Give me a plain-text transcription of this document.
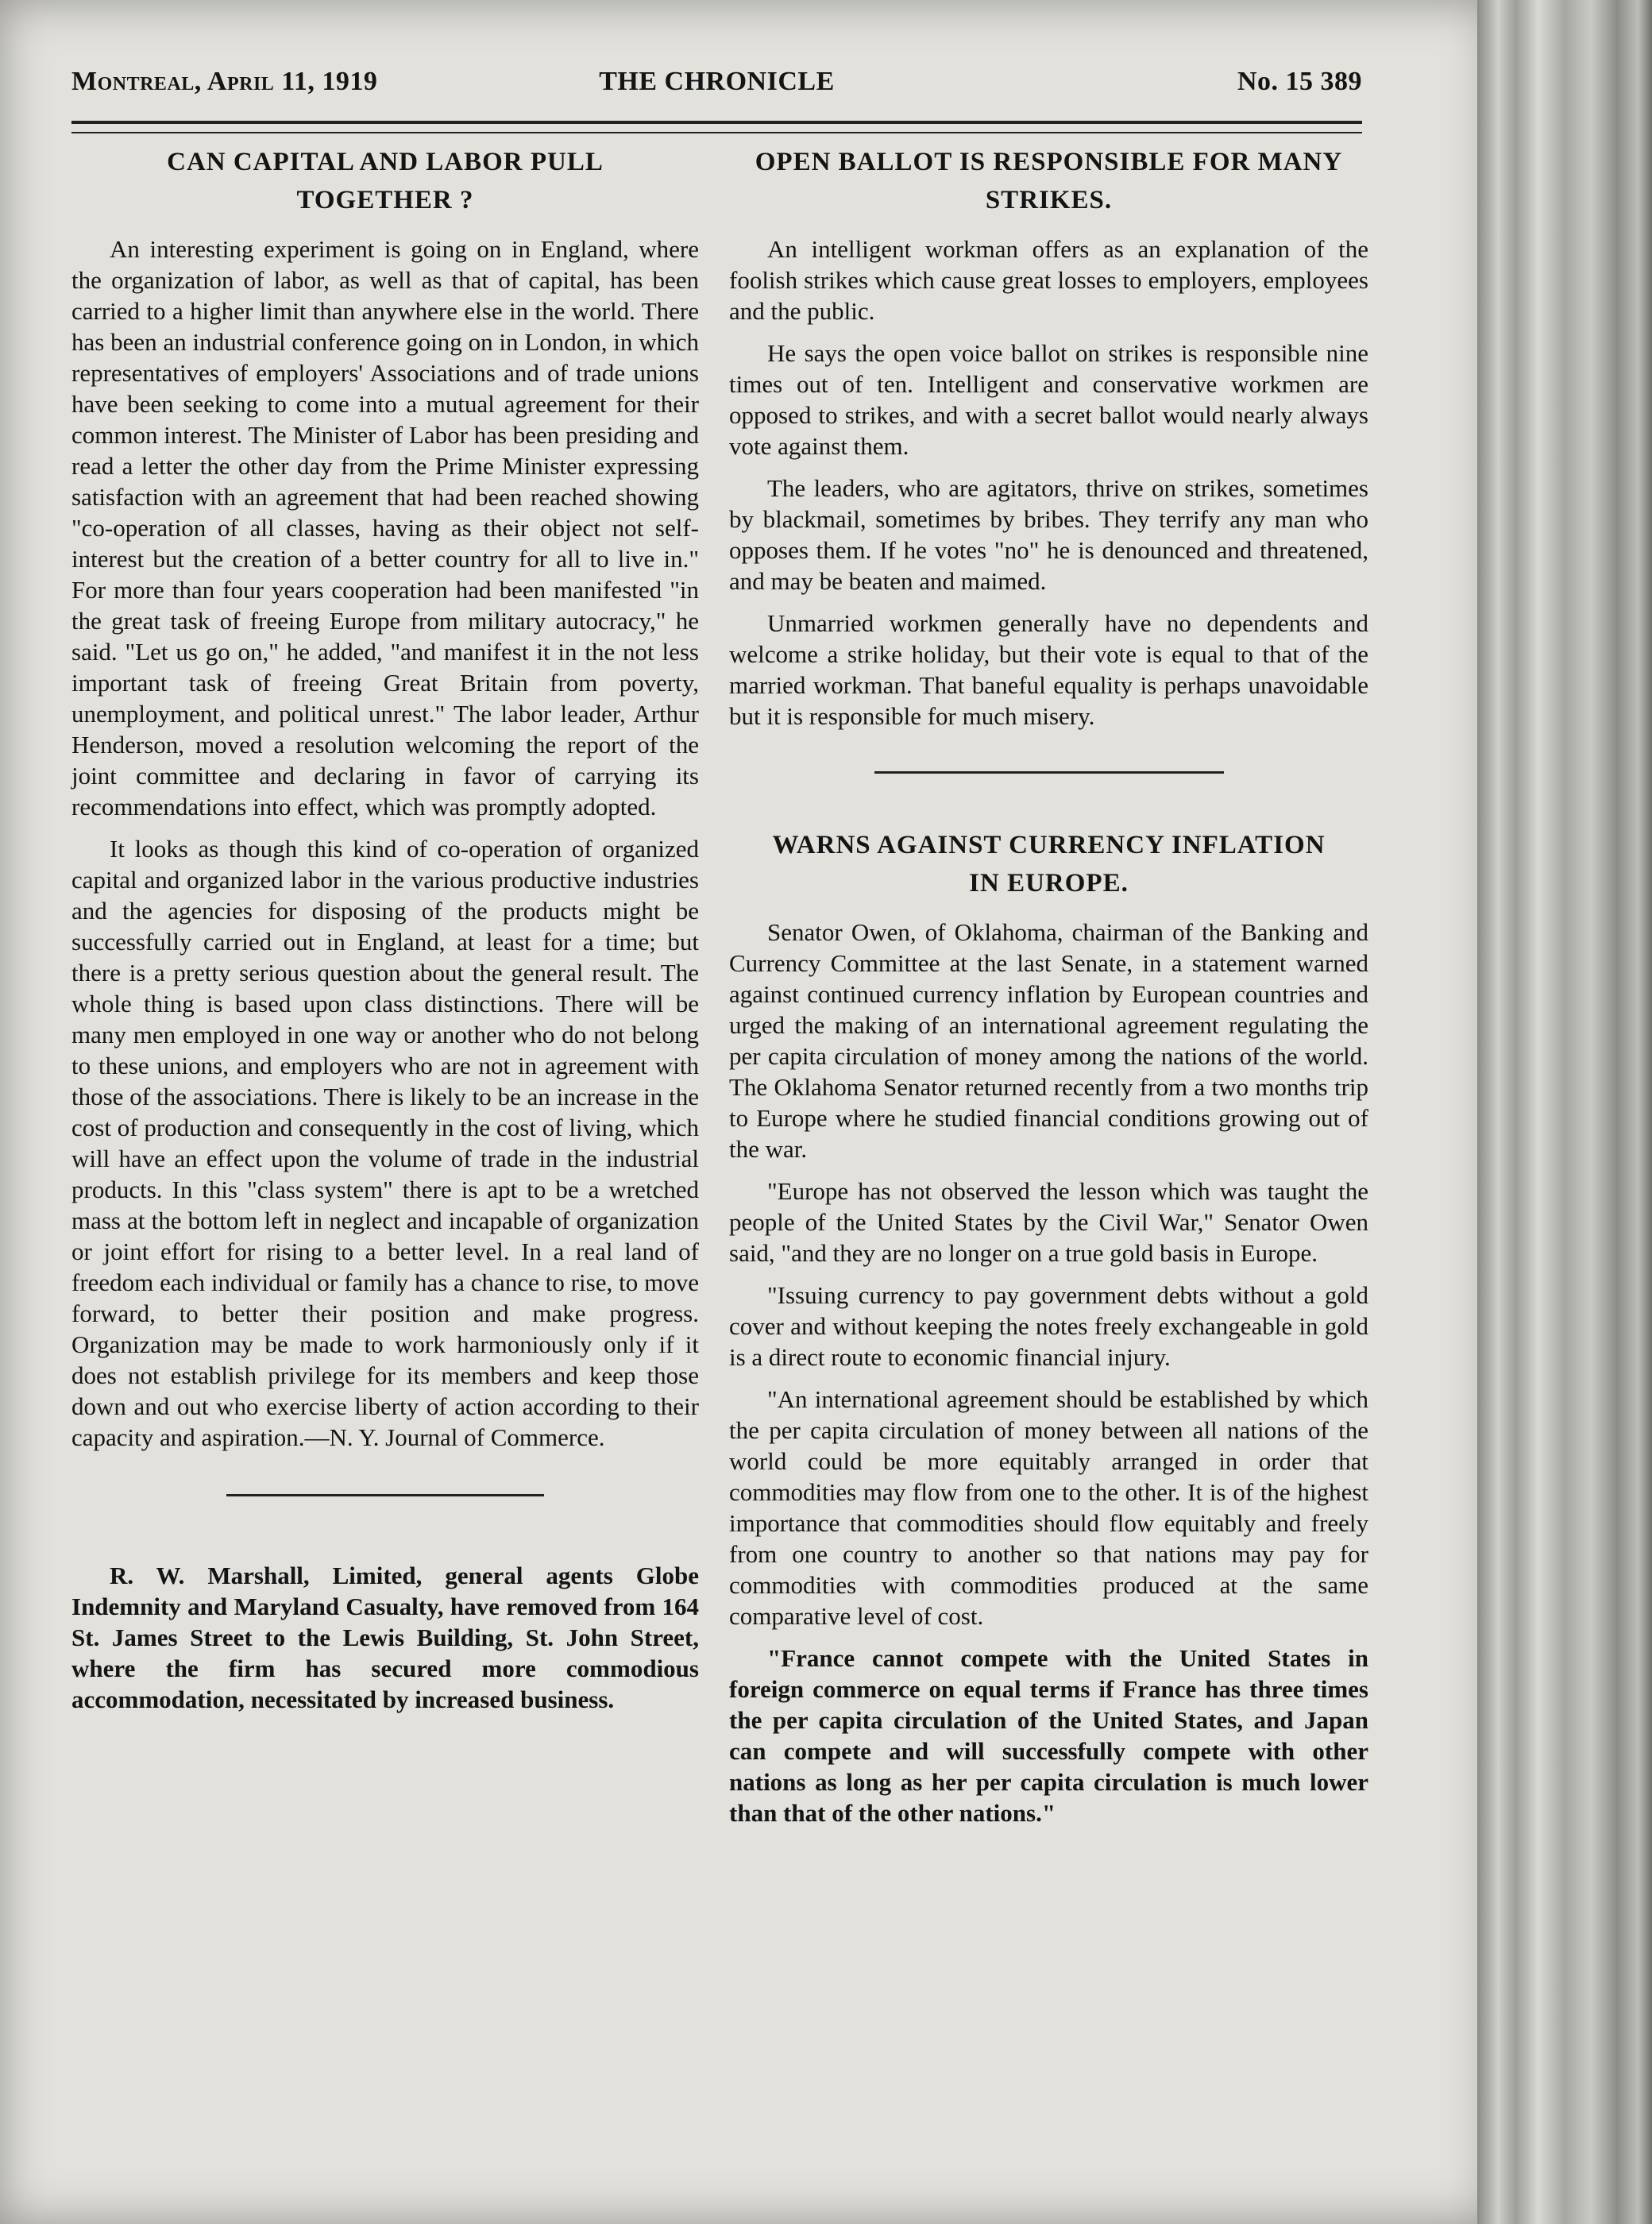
Montreal, April 11, 1919	THE CHRONICLE	No. 15 389
CAN CAPITAL AND LABOR PULL
TOGETHER ?

An interesting experiment is going on in England, where the organization of labor, as well as that of capital, has been carried to a higher limit than anywhere else in the world. There has been an industrial conference going on in London, in which representatives of employers' Associations and of trade unions have been seeking to come into a mutual agreement for their common interest. The Minister of Labor has been presiding and read a letter the other day from the Prime Minister expressing satisfaction with an agreement that had been reached showing "co-operation of all classes, having as their object not self-interest but the creation of a better country for all to live in." For more than four years cooperation had been manifested "in the great task of freeing Europe from military autocracy," he said. "Let us go on," he added, "and manifest it in the not less important task of freeing Great Britain from poverty, unemployment, and political unrest." The labor leader, Arthur Henderson, moved a resolution welcoming the report of the joint committee and declaring in favor of carrying its recommendations into effect, which was promptly adopted.

It looks as though this kind of co-operation of organized capital and organized labor in the various productive industries and the agencies for disposing of the products might be successfully carried out in England, at least for a time; but there is a pretty serious question about the general result. The whole thing is based upon class distinctions. There will be many men employed in one way or another who do not belong to these unions, and employers who are not in agreement with those of the associations. There is likely to be an increase in the cost of production and consequently in the cost of living, which will have an effect upon the volume of trade in the industrial products. In this "class system" there is apt to be a wretched mass at the bottom left in neglect and incapable of organization or joint effort for rising to a better level. In a real land of freedom each individual or family has a chance to rise, to move forward, to better their position and make progress. Organization may be made to work harmoniously only if it does not establish privilege for its members and keep those down and out who exercise liberty of action according to their capacity and aspiration.—N. Y. Journal of Commerce.

R. W. Marshall, Limited, general agents Globe Indemnity and Maryland Casualty, have removed from 164 St. James Street to the Lewis Building, St. John Street, where the firm has secured more commodious accommodation, necessitated by increased business.

OPEN BALLOT IS RESPONSIBLE FOR MANY
STRIKES.

An intelligent workman offers as an explanation of the foolish strikes which cause great losses to employers, employees and the public.

He says the open voice ballot on strikes is responsible nine times out of ten. Intelligent and conservative workmen are opposed to strikes, and with a secret ballot would nearly always vote against them.

The leaders, who are agitators, thrive on strikes, sometimes by blackmail, sometimes by bribes. They terrify any man who opposes them. If he votes "no" he is denounced and threatened, and may be beaten and maimed.

Unmarried workmen generally have no dependents and welcome a strike holiday, but their vote is equal to that of the married workman. That baneful equality is perhaps unavoidable but it is responsible for much misery.

WARNS AGAINST CURRENCY INFLATION
IN EUROPE.

Senator Owen, of Oklahoma, chairman of the Banking and Currency Committee at the last Senate, in a statement warned against continued currency inflation by European countries and urged the making of an international agreement regulating the per capita circulation of money among the nations of the world. The Oklahoma Senator returned recently from a two months trip to Europe where he studied financial conditions growing out of the war.

"Europe has not observed the lesson which was taught the people of the United States by the Civil War," Senator Owen said, "and they are no longer on a true gold basis in Europe.

"Issuing currency to pay government debts without a gold cover and without keeping the notes freely exchangeable in gold is a direct route to economic financial injury.

"An international agreement should be established by which the per capita circulation of money between all nations of the world could be more equitably arranged in order that commodities may flow from one to the other. It is of the highest importance that commodities should flow equitably and freely from one country to another so that nations may pay for commodities with commodities produced at the same comparative level of cost.

"France cannot compete with the United States in foreign commerce on equal terms if France has three times the per capita circulation of the United States, and Japan can compete and will successfully compete with other nations as long as her per capita circulation is much lower than that of the other nations."
